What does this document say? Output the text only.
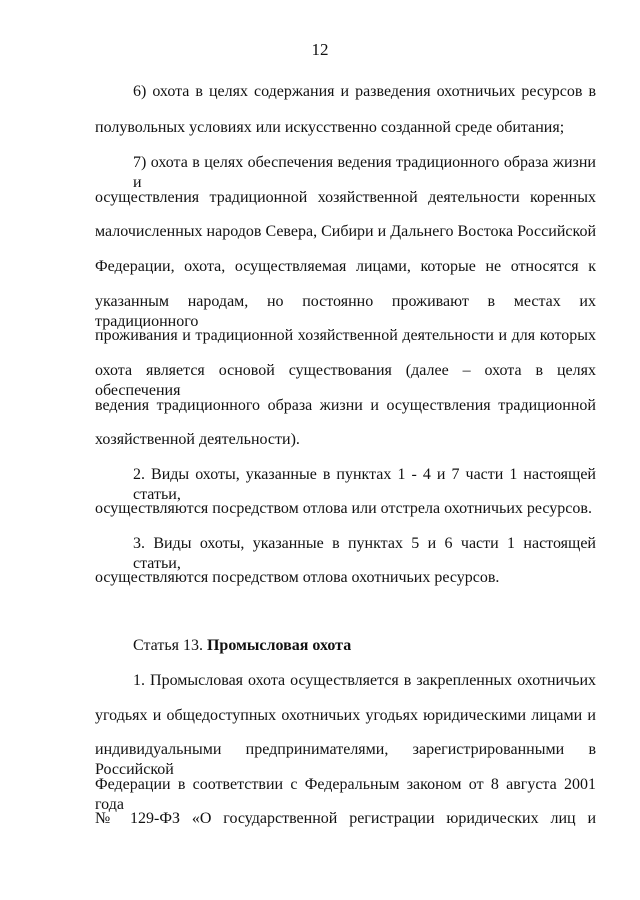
12
6) охота в целях содержания и разведения охотничьих ресурсов в
полувольных условиях или искусственно созданной среде обитания;
7) охота в целях обеспечения ведения традиционного образа жизни и
осуществления традиционной хозяйственной деятельности коренных
малочисленных народов Севера, Сибири и Дальнего Востока Российской
Федерации, охота, осуществляемая лицами, которые не относятся к
указанным народам, но постоянно проживают в местах их традиционного
проживания и традиционной хозяйственной деятельности и для которых
охота является основой существования (далее – охота в целях обеспечения
ведения традиционного образа жизни и осуществления традиционной
хозяйственной деятельности).
2. Виды охоты, указанные в пунктах 1 - 4 и 7 части 1 настоящей статьи,
осуществляются посредством отлова или отстрела охотничьих ресурсов.
3. Виды охоты, указанные в пунктах 5 и 6 части 1 настоящей статьи,
осуществляются посредством отлова охотничьих ресурсов.
Статья 13. Промысловая охота
1. Промысловая охота осуществляется в закрепленных охотничьих
угодьях и общедоступных охотничьих угодьях юридическими лицами и
индивидуальными предпринимателями, зарегистрированными в Российской
Федерации в соответствии с Федеральным законом от 8 августа 2001 года
№ 129-ФЗ «О государственной регистрации юридических лиц и
